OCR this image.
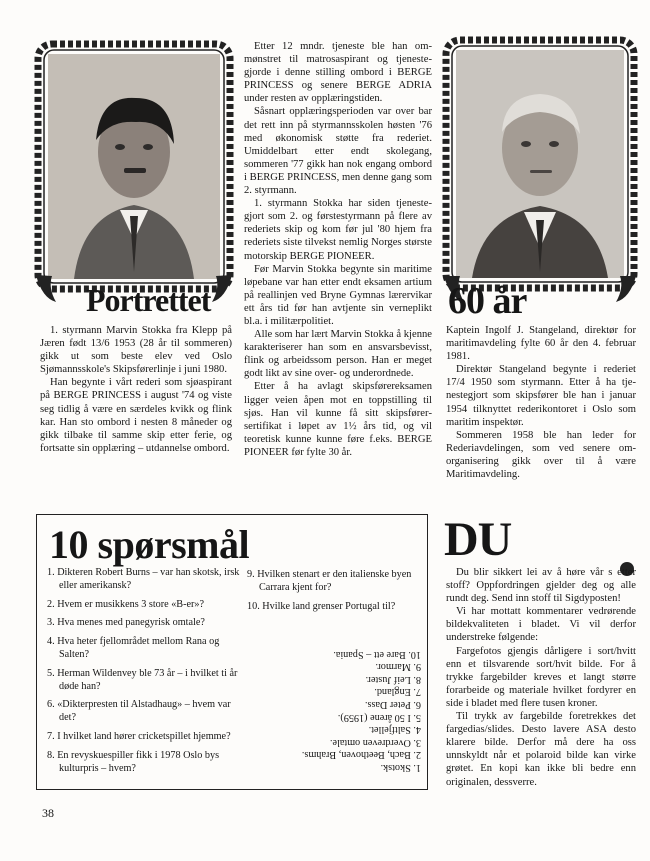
Portrettet

1. styrmann Marvin Stokka fra Klepp på Jæren født 13/6 1953 (28 år til sommeren) gikk ut som beste elev ved Oslo Sjømannsskole's Skipsførerlinje i juni 1980.

Han begynte i vårt rederi som sjøaspirant på BERGE PRINCESS i august '74 og viste seg tidlig å være en særdeles kvikk og flink kar. Han sto ombord i nesten 8 måneder og gikk tilbake til samme skip etter ferie, og fortsatte sin opplæring – utdannelse ombord.

Etter 12 mndr. tjeneste ble han ommønstret til matrosaspirant og tjenestegjorde i denne stilling ombord i BERGE PRINCESS og senere BERGE ADRIA under resten av opplæringstiden.

Såsnart opplæringsperioden var over bar det rett inn på styrmannsskolen høsten '76 med økonomisk støtte fra rederiet. Umiddelbart etter endt skolegang, sommeren '77 gikk han nok engang ombord i BERGE PRINCESS, men denne gang som 2. styrmann.

1. styrmann Stokka har siden tjenestegjort som 2. og førstestyrmann på flere av rederiets skip og kom før jul '80 hjem fra rederiets siste tilvekst nemlig Norges største motorskip BERGE PIONEER.

Før Marvin Stokka begynte sin maritime løpebane var han etter endt eksamen artium på reallinjen ved Bryne Gymnas lærervikar ett års tid før han avtjente sin verneplikt bl.a. i militærpolitiet.

Alle som har lært Marvin Stokka å kjenne karakteriserer han som en ansvarsbevisst, flink og arbeidssom person. Han er meget godt likt av sine over- og underordnede.

Etter å ha avlagt skipsførereksamen ligger veien åpen mot en toppstilling til sjøs. Han vil kunne få sitt skipsførersertifikat i løpet av 1½ års tid, og vil teoretisk kunne kunne føre f.eks. BERGE PIONEER før fylte 30 år.

60 år

Kaptein Ingolf J. Stangeland, direktør for maritimavdeling fylte 60 år den 4. februar 1981.

Direktør Stangeland begynte i rederiet 17/4 1950 som styrmann. Etter å ha tjenestegjort som skipsfører ble han i januar 1954 tilknyttet rederikontoret i Oslo som maritim inspektør.

Sommeren 1958 ble han leder for Rederiavdelingen, som ved senere omorganisering gikk over til å være Maritimavdeling.

10 spørsmål
1. Dikteren Robert Burns – var han skotsk, irsk eller amerikansk?
2. Hvem er musikkens 3 store «B-er»?
3. Hva menes med panegyrisk omtale?
4. Hva heter fjellområdet mellom Rana og Salten?
5. Herman Wildenvey ble 73 år – i hvilket ti år døde han?
6. «Dikterpresten til Alstadhaug» – hvem var det?
7. I hvilket land hører cricketspillet hjemme?
8. En revyskuespiller fikk i 1978 Oslo bys kulturpris – hvem?
9. Hvilken stenart er den italienske byen Carrara kjent for?
10. Hvilke land grenser Portugal til?
1. Skotsk.
2. Bach, Beethoven, Brahms.
3. Overdreven omtale.
4. Saltfjellet.
5. I 50 årene (1959).
6. Peter Dass.
7. England.
8. Leif Juster.
9. Marmor.
10. Bare ett – Spania.
DU

Du blir sikkert lei av å høre vår s etter stoff? Oppfordringen gjelder deg og alle rundt deg. Send inn stoff til Sigdyposten!

Vi har mottatt kommentarer vedrørende bildekvaliteten i bladet. Vi vil derfor understreke følgende:

Fargefotos gjengis dårligere i sort/hvitt enn et tilsvarende sort/hvit bilde. For å trykke fargebilder kreves et langt større forarbeide og materiale hvilket fordyrer en side i bladet med flere tusen kroner.

Til trykk av fargebilde foretrekkes det fargedias/slides. Desto lavere ASA desto klarere bilde. Derfor må dere ha oss unnskyldt når et polaroid bilde kan virke grøtet. En kopi kan ikke bli bedre enn originalen, dessverre.

38
